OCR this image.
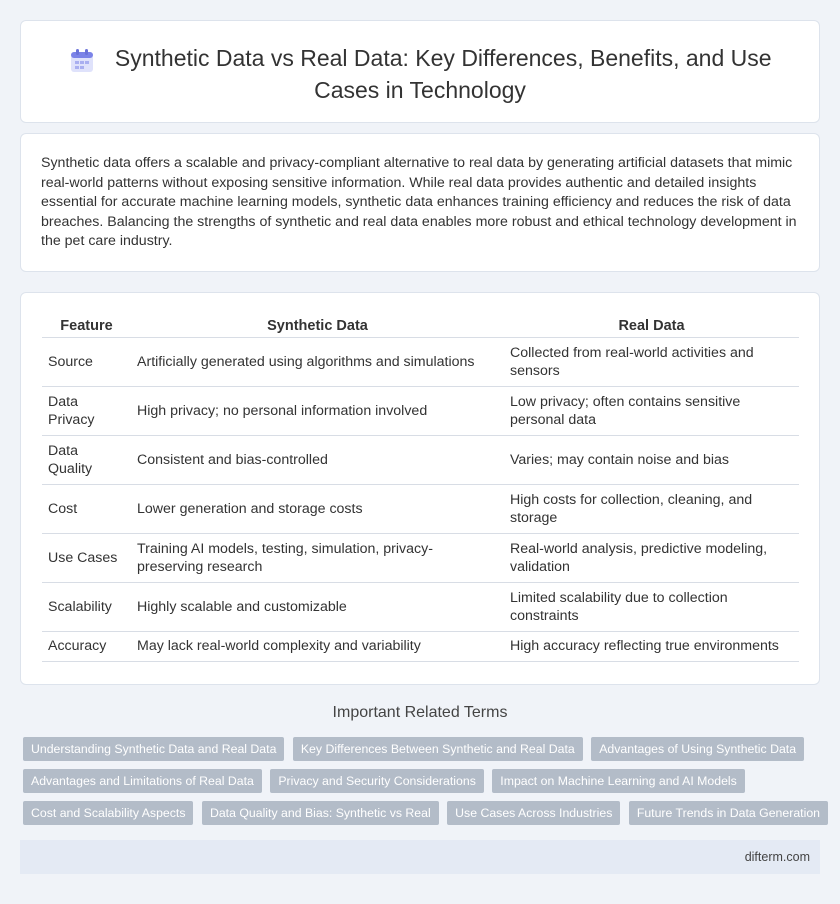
Synthetic Data vs Real Data: Key Differences, Benefits, and Use Cases in Technology

Synthetic data offers a scalable and privacy-compliant alternative to real data by generating artificial datasets that mimic real-world patterns without exposing sensitive information. While real data provides authentic and detailed insights essential for accurate machine learning models, synthetic data enhances training efficiency and reduces the risk of data breaches. Balancing the strengths of synthetic and real data enables more robust and ethical technology development in the pet care industry.

Feature	Synthetic Data	Real Data
Source	Artificially generated using algorithms and simulations	Collected from real-world activities and sensors
Data Privacy	High privacy; no personal information involved	Low privacy; often contains sensitive personal data
Data Quality	Consistent and bias-controlled	Varies; may contain noise and bias
Cost	Lower generation and storage costs	High costs for collection, cleaning, and storage
Use Cases	Training AI models, testing, simulation, privacy-preserving research	Real-world analysis, predictive modeling, validation
Scalability	Highly scalable and customizable	Limited scalability due to collection constraints
Accuracy	May lack real-world complexity and variability	High accuracy reflecting true environments
Important Related Terms
Understanding Synthetic Data and Real Data Key Differences Between Synthetic and Real Data Advantages of Using Synthetic Data
Advantages and Limitations of Real Data Privacy and Security Considerations Impact on Machine Learning and AI Models
Cost and Scalability Aspects Data Quality and Bias: Synthetic vs Real Use Cases Across Industries Future Trends in Data Generation
difterm.com
